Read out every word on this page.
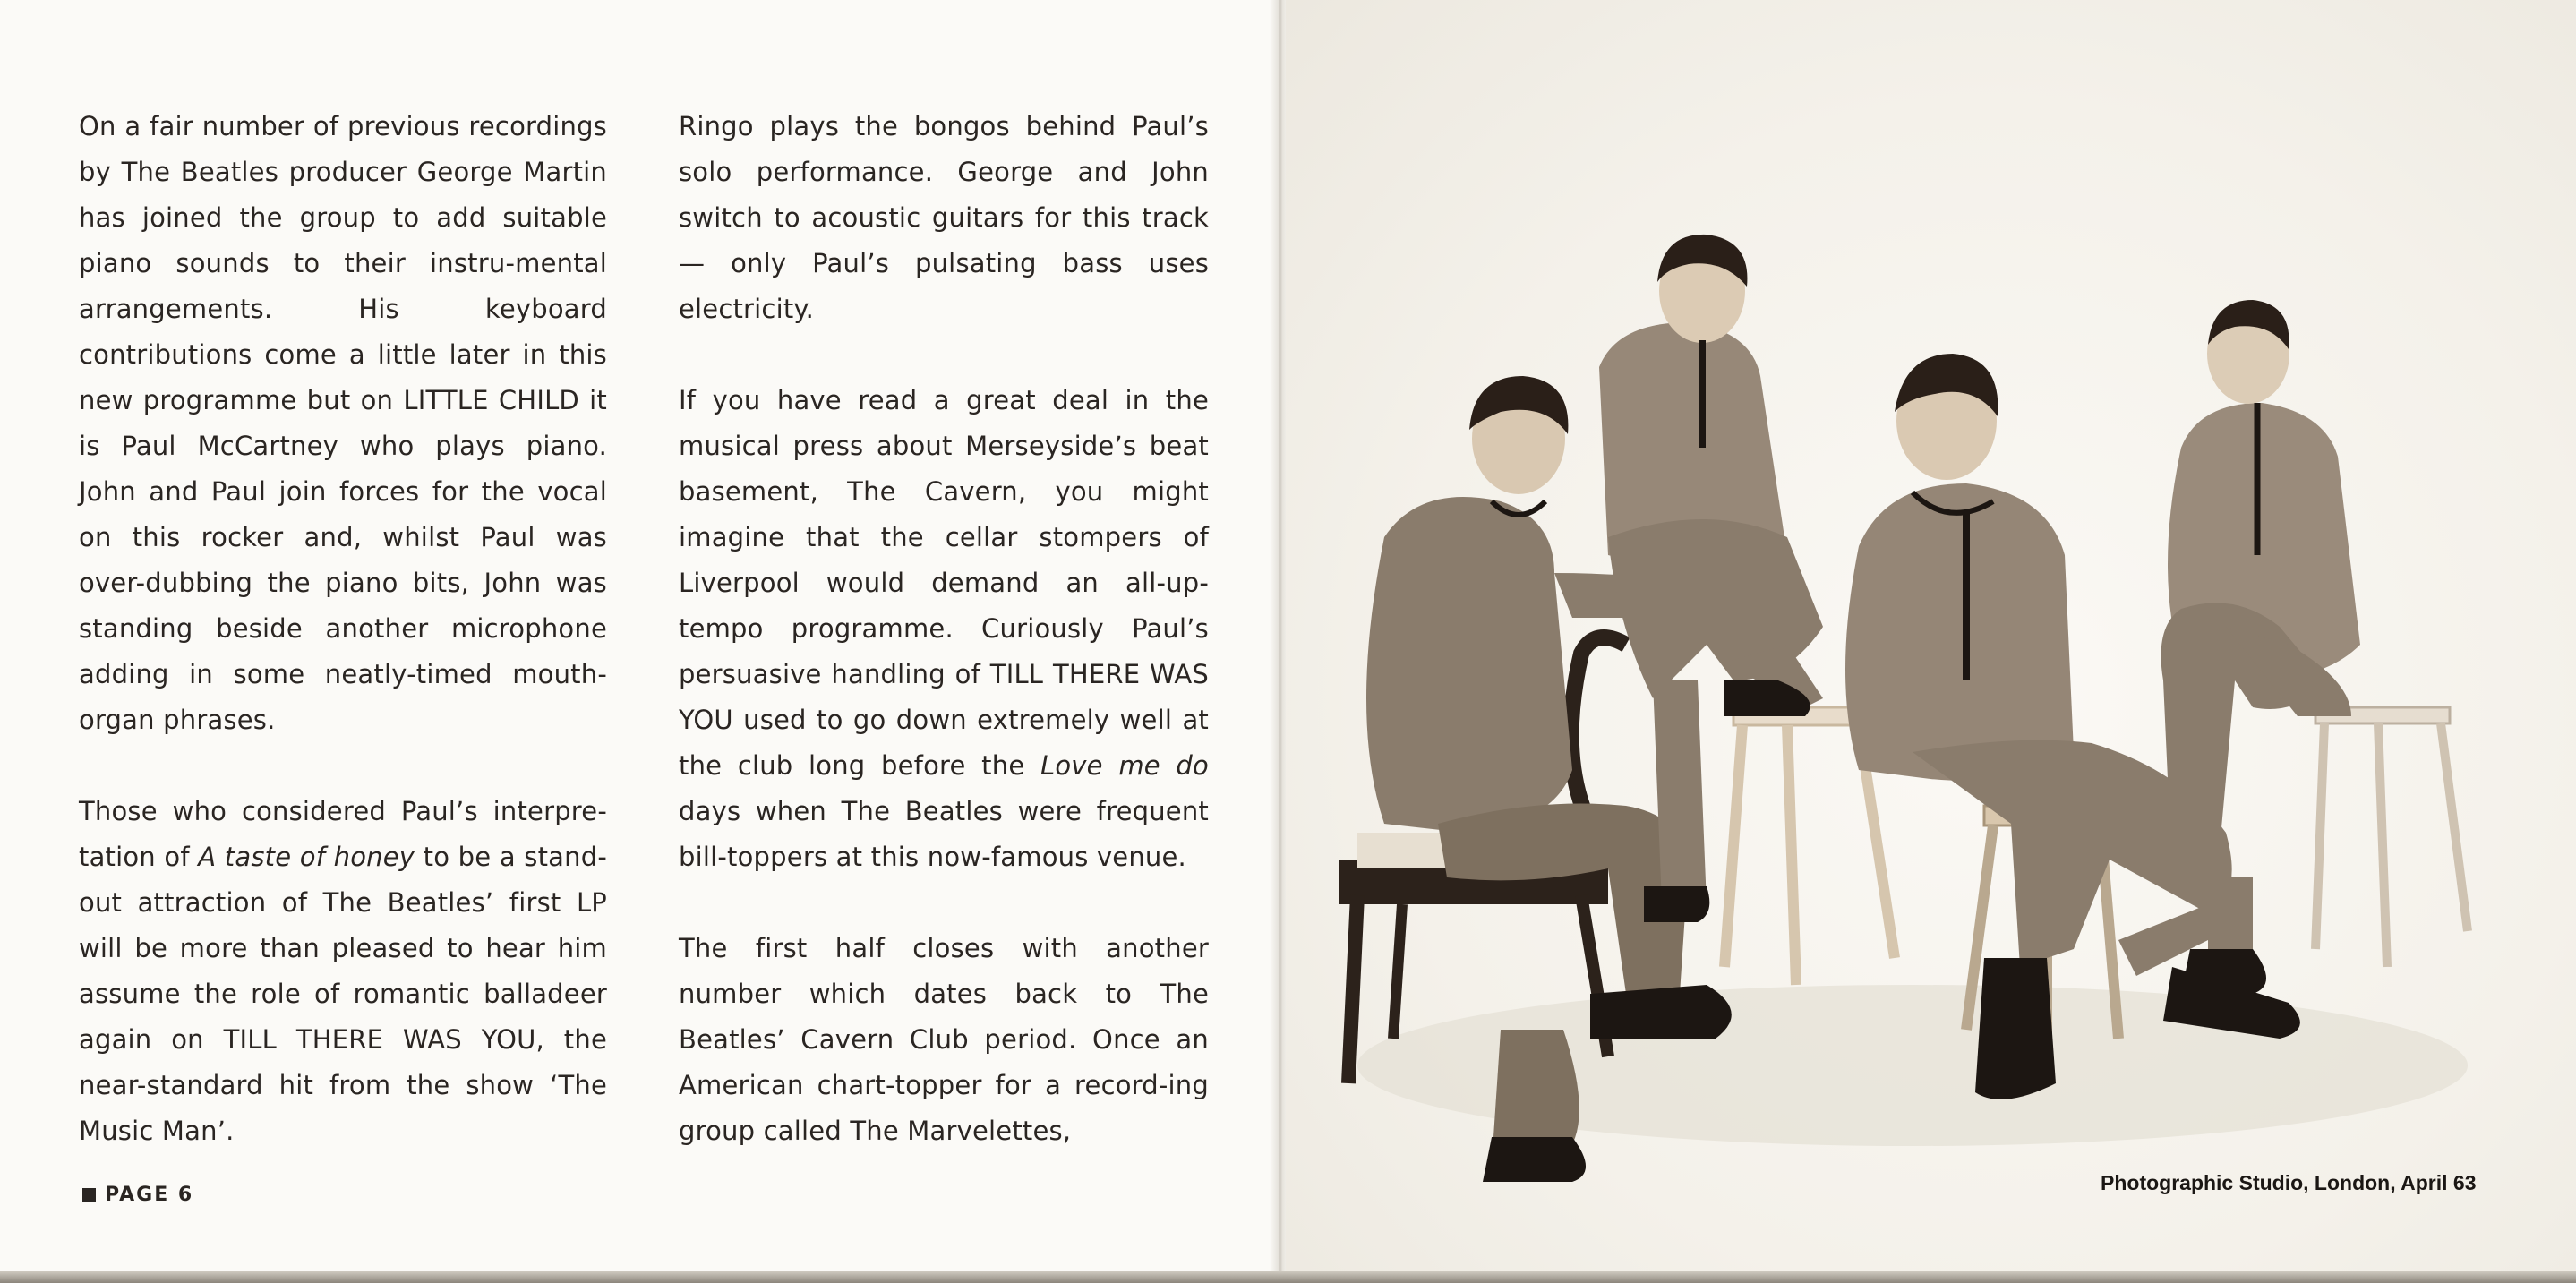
On a fair number of previous recordings by The Beatles producer George Martin has joined the group to add suitable piano sounds to their instru-mental arrangements. His keyboard contributions come a little later in this new programme but on LITTLE CHILD it is Paul McCartney who plays piano. John and Paul join forces for the vocal on this rocker and, whilst Paul was over-dubbing the piano bits, John was standing beside another microphone adding in some neatly-timed mouth-organ phrases.

Those who considered Paul’s interpre-tation of A taste of honey to be a stand-out attraction of The Beatles’ first LP will be more than pleased to hear him assume the role of romantic balladeer again on TILL THERE WAS YOU, the near-standard hit from the show ‘The Music Man’.

Ringo plays the bongos behind Paul’s solo performance. George and John switch to acoustic guitars for this track — only Paul’s pulsating bass uses electricity.

If you have read a great deal in the musical press about Merseyside’s beat basement, The Cavern, you might imagine that the cellar stompers of Liverpool would demand an all-up-tempo programme. Curiously Paul’s persuasive handling of TILL THERE WAS YOU used to go down extremely well at the club long before the Love me do days when The Beatles were frequent bill-toppers at this now-famous venue.

The first half closes with another number which dates back to The Beatles’ Cavern Club period. Once an American chart-topper for a record-ing group called The Marvelettes,

PAGE 6
Photographic Studio, London, April 63
